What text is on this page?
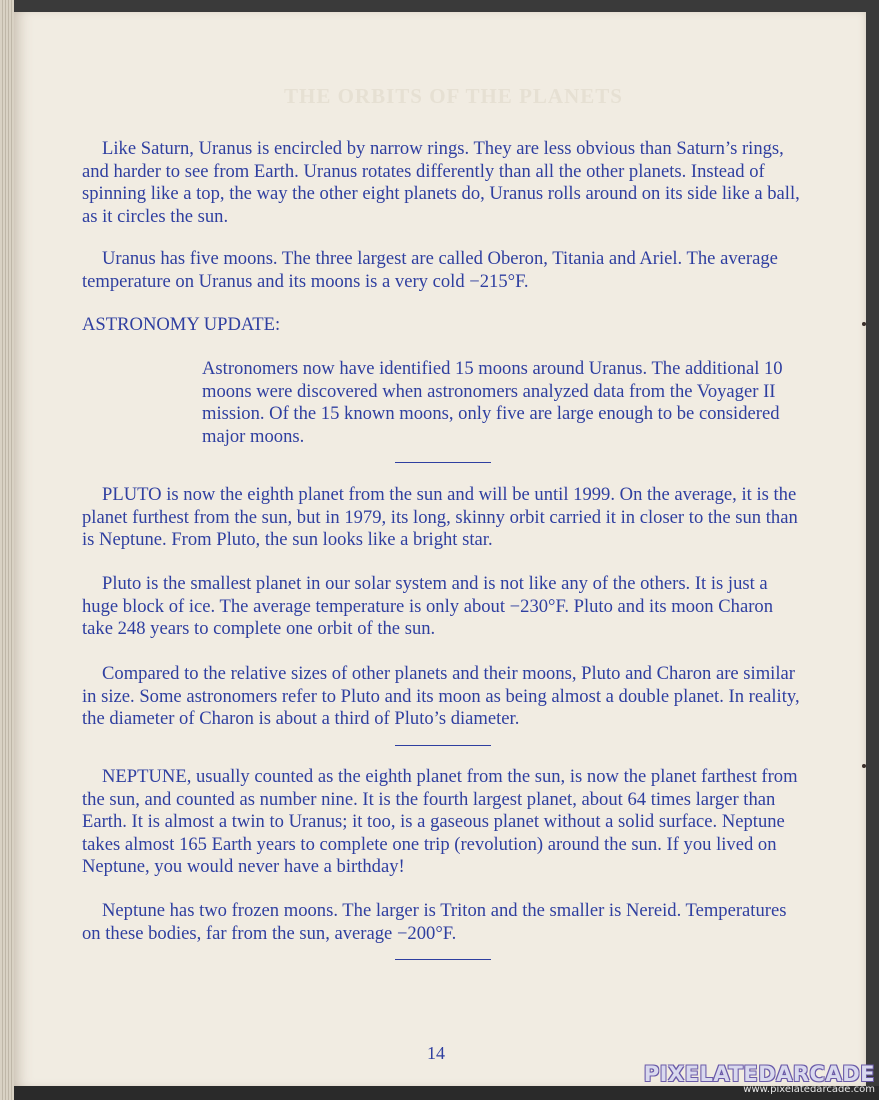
THE ORBITS OF THE PLANETS

Like Saturn, Uranus is encircled by narrow rings. They are less obvious than Saturn’s rings, and harder to see from Earth. Uranus rotates differently than all the other planets. Instead of spinning like a top, the way the other eight planets do, Uranus rolls around on its side like a ball, as it circles the sun.

Uranus has five moons. The three largest are called Oberon, Titania and Ariel. The average temperature on Uranus and its moons is a very cold −215°F.

ASTRONOMY UPDATE:

Astronomers now have identified 15 moons around Uranus. The additional 10 moons were discovered when astronomers analyzed data from the Voyager II mission. Of the 15 known moons, only five are large enough to be considered major moons.

PLUTO is now the eighth planet from the sun and will be until 1999. On the average, it is the planet furthest from the sun, but in 1979, its long, skinny orbit carried it in closer to the sun than is Neptune. From Pluto, the sun looks like a bright star.

Pluto is the smallest planet in our solar system and is not like any of the others. It is just a huge block of ice. The average temperature is only about −230°F. Pluto and its moon Charon take 248 years to complete one orbit of the sun.

Compared to the relative sizes of other planets and their moons, Pluto and Charon are similar in size. Some astronomers refer to Pluto and its moon as being almost a double planet. In reality, the diameter of Charon is about a third of Pluto’s diameter.

NEPTUNE, usually counted as the eighth planet from the sun, is now the planet farthest from the sun, and counted as number nine. It is the fourth largest planet, about 64 times larger than Earth. It is almost a twin to Uranus; it too, is a gaseous planet without a solid surface. Neptune takes almost 165 Earth years to complete one trip (revolution) around the sun. If you lived on Neptune, you would never have a birthday!

Neptune has two frozen moons. The larger is Triton and the smaller is Nereid. Temperatures on these bodies, far from the sun, average −200°F.

14
PIXELATEDARCADE
www.pixelatedarcade.com
